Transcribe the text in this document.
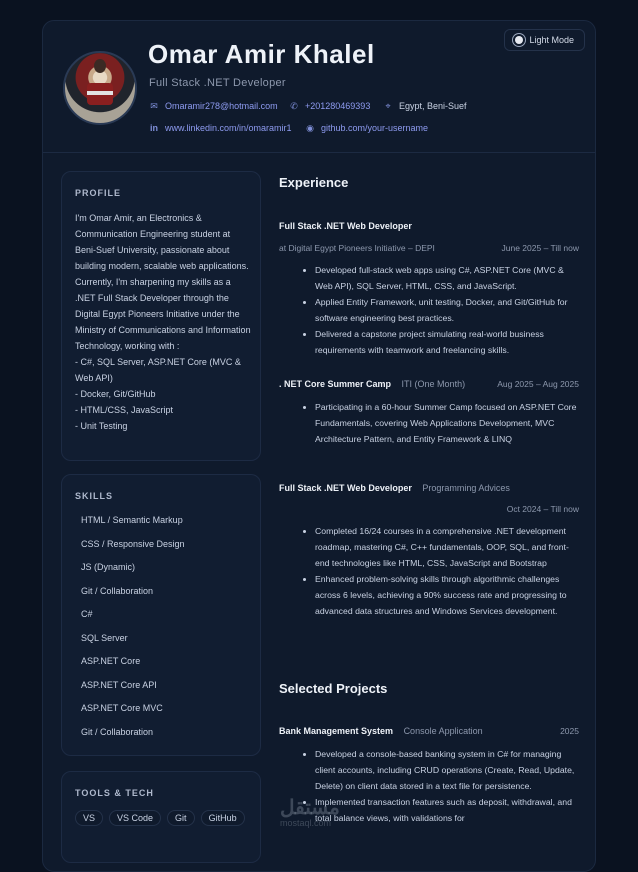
Omar Amir Khalel
Full Stack .NET Developer
✉ Omaramir278@hotmail.com ✆ +201280469393 ⌖ Egypt, Beni-Suef
in www.linkedin.com/in/omaramir1 ◉ github.com/your-username
Light Mode
PROFILE
I'm Omar Amir, an Electronics & Communication Engineering student at Beni-Suef University, passionate about building modern, scalable web applications.
Currently, I'm sharpening my skills as a .NET Full Stack Developer through the Digital Egypt Pioneers Initiative under the Ministry of Communications and Information Technology, working with :
- C#, SQL Server, ASP.NET Core (MVC & Web API)
- Docker, Git/GitHub
- HTML/CSS, JavaScript
- Unit Testing
SKILLS
HTML / Semantic Markup
CSS / Responsive Design
JS (Dynamic)
Git / Collaboration
C#
SQL Server
ASP.NET Core
ASP.NET Core API
ASP.NET Core MVC
Git / Collaboration
TOOLS & TECH
VS	VS Code	Git	GitHub
Experience
Full Stack .NET Web Developer
at Digital Egypt Pioneers Initiative – DEPI	June 2025 – Till now
• Developed full-stack web apps using C#, ASP.NET Core (MVC & Web API), SQL Server, HTML, CSS, and JavaScript.
• Applied Entity Framework, unit testing, Docker, and Git/GitHub for software engineering best practices.
• Delivered a capstone project simulating real-world business requirements with teamwork and freelancing skills.
. NET Core Summer Camp ITI (One Month)	Aug 2025 – Aug 2025
• Participating in a 60-hour Summer Camp focused on ASP.NET Core Fundamentals, covering Web Applications Development, MVC Architecture Pattern, and Entity Framework & LINQ
Full Stack .NET Web Developer Programming Advices
Oct 2024 – Till now
• Completed 16/24 courses in a comprehensive .NET development roadmap, mastering C#, C++ fundamentals, OOP, SQL, and front-end technologies like HTML, CSS, JavaScript and Bootstrap
• Enhanced problem-solving skills through algorithmic challenges across 6 levels, achieving a 90% success rate and progressing to advanced data structures and Windows Services development.
Selected Projects
Bank Management System Console Application	2025
• Developed a console-based banking system in C# for managing client accounts, including CRUD operations (Create, Read, Update, Delete) on client data stored in a text file for persistence.
• Implemented transaction features such as deposit, withdrawal, and total balance views, with validations for
مستقل
mostaql.com
